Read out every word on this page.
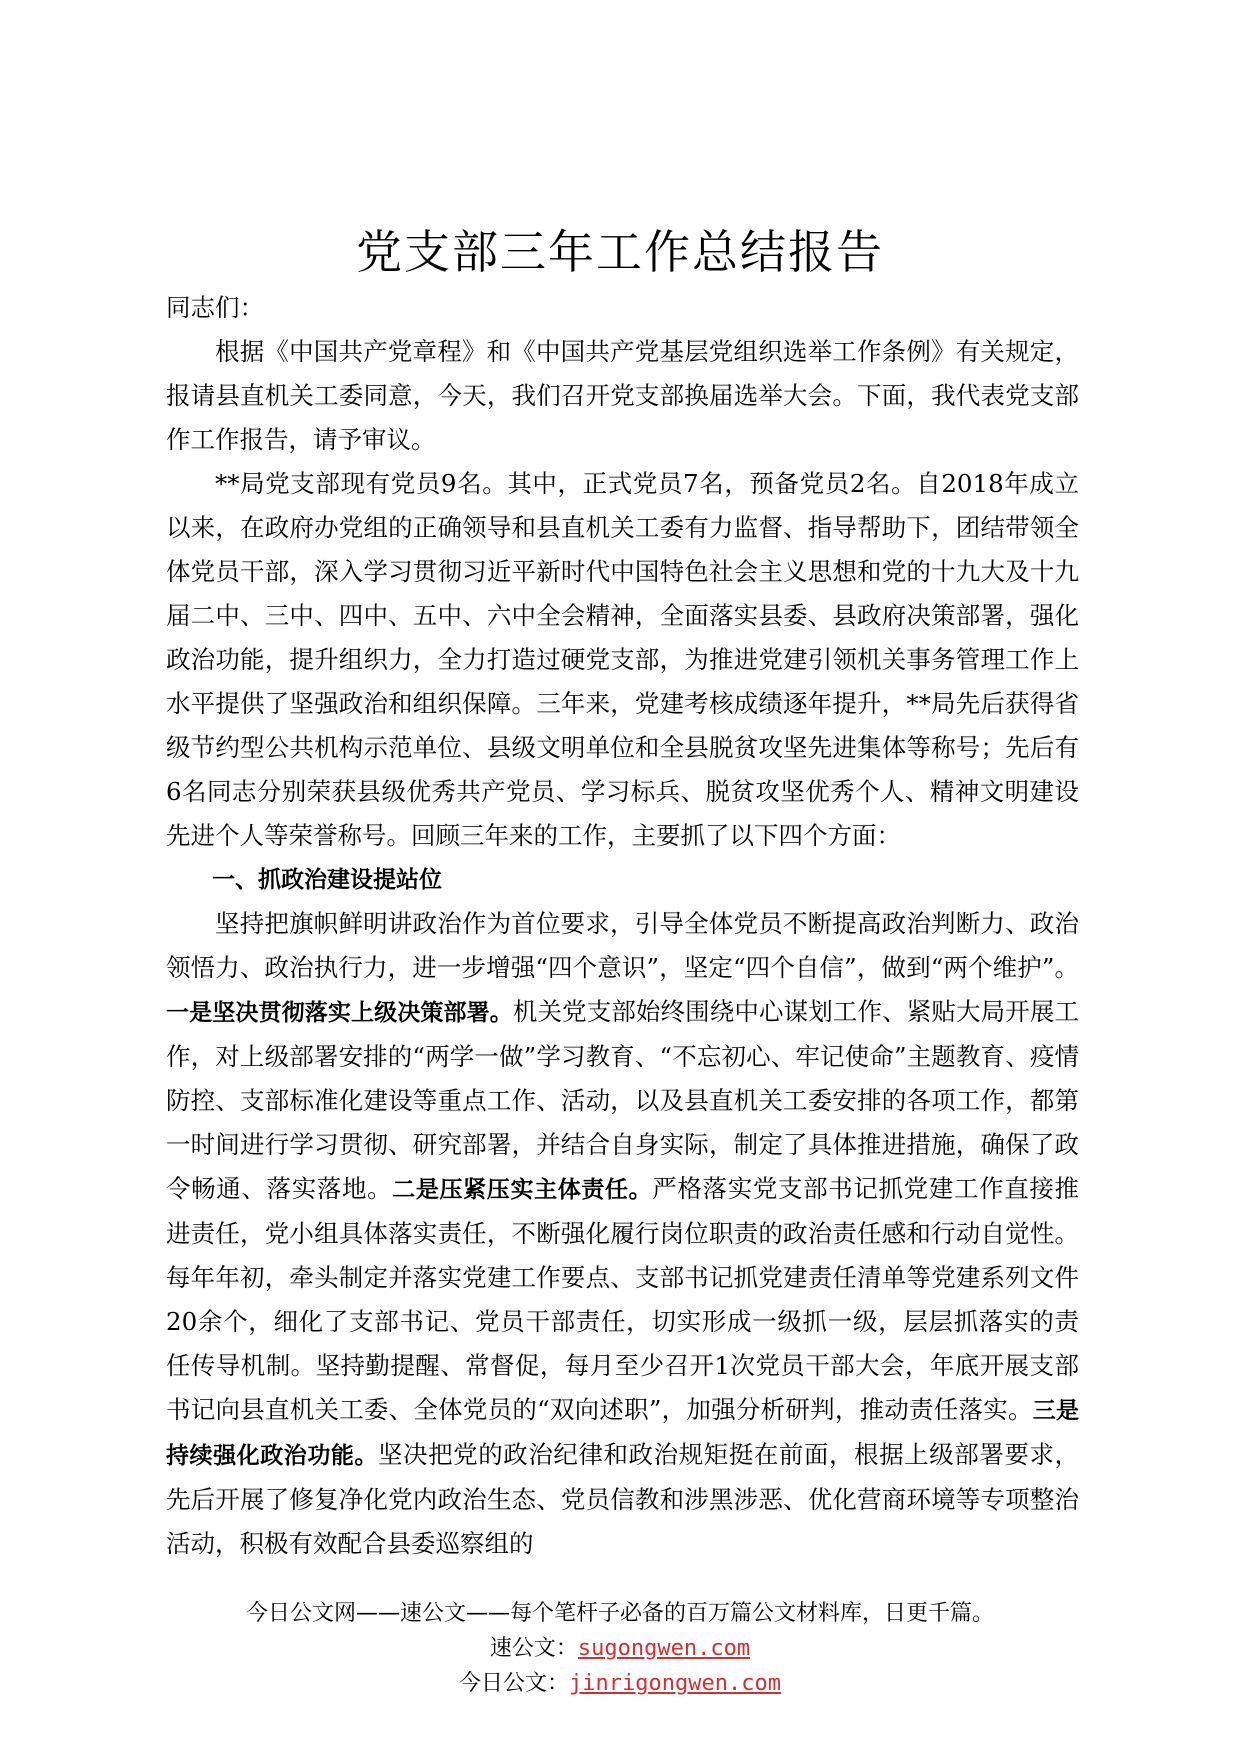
党支部三年工作总结报告

同志们：

根据《中国共产党章程》和《中国共产党基层党组织选举工作条例》有关规定，报请县直机关工委同意，今天，我们召开党支部换届选举大会。下面，我代表党支部作工作报告，请予审议。

**局党支部现有党员9名。其中，正式党员7名，预备党员2名。自2018年成立以来，在政府办党组的正确领导和县直机关工委有力监督、指导帮助下，团结带领全体党员干部，深入学习贯彻习近平新时代中国特色社会主义思想和党的十九大及十九届二中、三中、四中、五中、六中全会精神，全面落实县委、县政府决策部署，强化政治功能，提升组织力，全力打造过硬党支部，为推进党建引领机关事务管理工作上水平提供了坚强政治和组织保障。三年来，党建考核成绩逐年提升，**局先后获得省级节约型公共机构示范单位、县级文明单位和全县脱贫攻坚先进集体等称号；先后有6名同志分别荣获县级优秀共产党员、学习标兵、脱贫攻坚优秀个人、精神文明建设先进个人等荣誉称号。回顾三年来的工作，主要抓了以下四个方面：

一、抓政治建设提站位

坚持把旗帜鲜明讲政治作为首位要求，引导全体党员不断提高政治判断力、政治领悟力、政治执行力，进一步增强“四个意识”，坚定“四个自信”，做到“两个维护”。一是坚决贯彻落实上级决策部署。机关党支部始终围绕中心谋划工作、紧贴大局开展工作，对上级部署安排的“两学一做”学习教育、“不忘初心、牢记使命”主题教育、疫情防控、支部标准化建设等重点工作、活动，以及县直机关工委安排的各项工作，都第一时间进行学习贯彻、研究部署，并结合自身实际，制定了具体推进措施，确保了政令畅通、落实落地。二是压紧压实主体责任。严格落实党支部书记抓党建工作直接推进责任，党小组具体落实责任，不断强化履行岗位职责的政治责任感和行动自觉性。每年年初，牵头制定并落实党建工作要点、支部书记抓党建责任清单等党建系列文件20余个，细化了支部书记、党员干部责任，切实形成一级抓一级，层层抓落实的责任传导机制。坚持勤提醒、常督促，每月至少召开1次党员干部大会，年底开展支部书记向县直机关工委、全体党员的“双向述职”，加强分析研判，推动责任落实。三是持续强化政治功能。坚决把党的政治纪律和政治规矩挺在前面，根据上级部署要求，先后开展了修复净化党内政治生态、党员信教和涉黑涉恶、优化营商环境等专项整治活动，积极有效配合县委巡察组的

今日公文网——速公文——每个笔杆子必备的百万篇公文材料库，日更千篇。
速公文：sugongwen.com
今日公文：jinrigongwen.com
